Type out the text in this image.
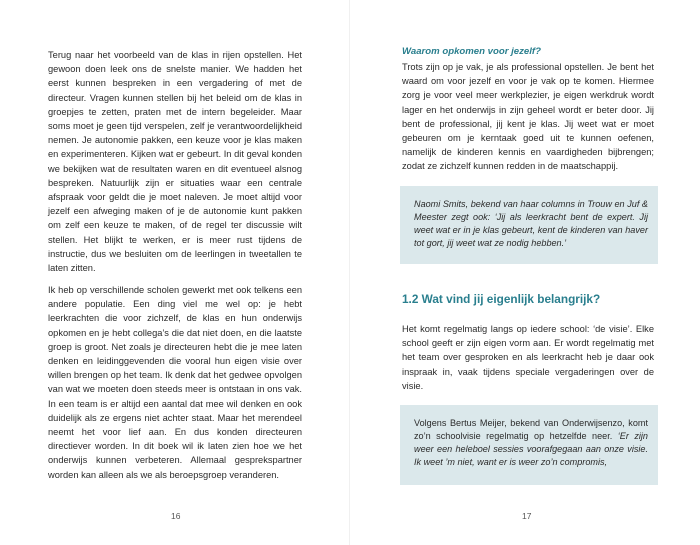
Terug naar het voorbeeld van de klas in rijen opstellen. Het gewoon doen leek ons de snelste manier. We hadden het eerst kunnen bespreken in een vergadering of met de directeur. Vragen kunnen stellen bij het beleid om de klas in groepjes te zetten, praten met de intern begeleider. Maar soms moet je geen tijd verspelen, zelf je verantwoordelijkheid nemen. Je autonomie pakken, een keuze voor je klas maken en experimenteren. Kijken wat er gebeurt. In dit geval konden we bekijken wat de resultaten waren en dit eventueel alsnog bespreken. Natuurlijk zijn er situaties waar een centrale afspraak voor geldt die je moet naleven. Je moet altijd voor jezelf een afweging maken of je de autonomie kunt pakken om zelf een keuze te maken, of de regel ter discussie wilt stellen. Het blijkt te werken, er is meer rust tijdens de instructie, dus we besluiten om de leerlingen in tweetallen te laten zitten.

Ik heb op verschillende scholen gewerkt met ook telkens een andere populatie. Een ding viel me wel op: je hebt leerkrachten die voor zichzelf, de klas en hun onderwijs opkomen en je hebt collega’s die dat niet doen, en die laatste groep is groot. Net zoals je directeuren hebt die je mee laten denken en leidinggevenden die vooral hun eigen visie over willen brengen op het team. Ik denk dat het gedwee opvolgen van wat we moeten doen steeds meer is ontstaan in ons vak. In een team is er altijd een aantal dat mee wil denken en ook duidelijk als ze ergens niet achter staat. Maar het merendeel neemt het voor lief aan. En dus konden directeuren directiever worden. In dit boek wil ik laten zien hoe we het onderwijs kunnen verbeteren. Allemaal gesprekspartner worden kan alleen als we als beroepsgroep veranderen.

16
Waarom opkomen voor jezelf?

Trots zijn op je vak, je als professional opstellen. Je bent het waard om voor jezelf en voor je vak op te komen. Hiermee zorg je voor veel meer werkplezier, je eigen werkdruk wordt lager en het onderwijs in zijn geheel wordt er beter door. Jij bent de professional, jij kent je klas. Jij weet wat er moet gebeuren om je kerntaak goed uit te kunnen oefenen, namelijk de kinderen kennis en vaardigheden bijbrengen; zodat ze zichzelf kunnen redden in de maatschappij.

Naomi Smits, bekend van haar columns in Trouw en Juf & Meester zegt ook: ‘Jij als leerkracht bent de expert. Jij weet wat er in je klas gebeurt, kent de kinderen van haver tot gort, jij weet wat ze nodig hebben.’

1.2 Wat vind jij eigenlijk belangrijk?

Het komt regelmatig langs op iedere school: ‘de visie’. Elke school geeft er zijn eigen vorm aan. Er wordt regelmatig met het team over gesproken en als leerkracht heb je daar ook inspraak in, vaak tijdens speciale vergaderingen over de visie.

Volgens Bertus Meijer, bekend van Onderwijsenzo, komt zo’n schoolvisie regelmatig op hetzelfde neer. ‘Er zijn weer een heleboel sessies voorafgegaan aan onze visie. Ik weet ’m niet, want er is weer zo’n compromis,

17
